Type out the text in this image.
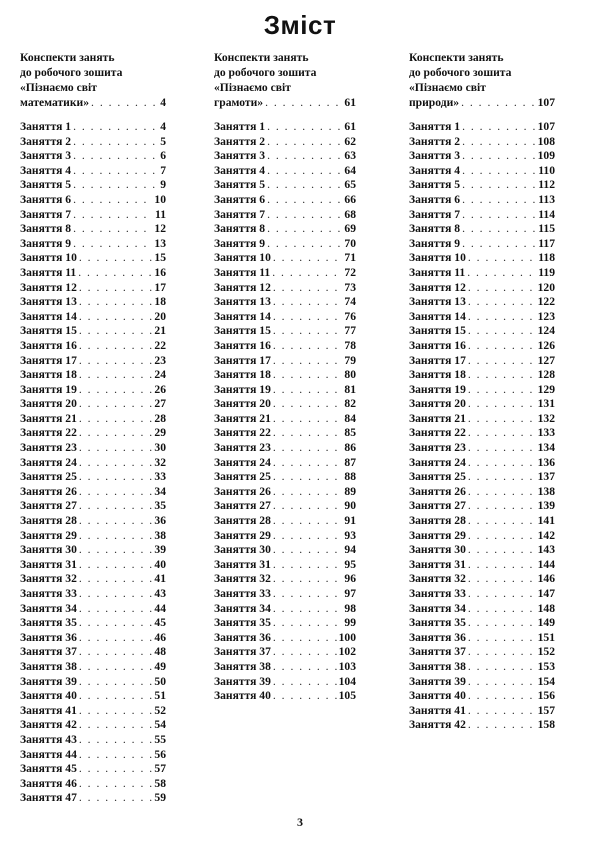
Зміст
Конспекти занять
до робочого зошита
«Пізнаємо світ
математики» . . .	4
Заняття 1 . . .	4
Заняття 2 . . .	5
Заняття 3 . . .	6
Заняття 4 . . .	7
Заняття 5 . . .	9
Заняття 6 . . .	10
Заняття 7 . . .	11
Заняття 8 . . .	12
Заняття 9 . . .	13
Заняття 10 . . .	15
Заняття 11 . . .	16
Заняття 12 . . .	17
Заняття 13 . . .	18
Заняття 14 . . .	20
Заняття 15 . . .	21
Заняття 16 . . .	22
Заняття 17 . . .	23
Заняття 18 . . .	24
Заняття 19 . . .	26
Заняття 20 . . .	27
Заняття 21 . . .	28
Заняття 22 . . .	29
Заняття 23 . . .	30
Заняття 24 . . .	32
Заняття 25 . . .	33
Заняття 26 . . .	34
Заняття 27 . . .	35
Заняття 28 . . .	36
Заняття 29 . . .	38
Заняття 30 . . .	39
Заняття 31 . . .	40
Заняття 32 . . .	41
Заняття 33 . . .	43
Заняття 34 . . .	44
Заняття 35 . . .	45
Заняття 36 . . .	46
Заняття 37 . . .	48
Заняття 38 . . .	49
Заняття 39 . . .	50
Заняття 40 . . .	51
Заняття 41 . . .	52
Заняття 42 . . .	54
Заняття 43 . . .	55
Заняття 44 . . .	56
Заняття 45 . . .	57
Заняття 46 . . .	58
Заняття 47 . . .	59
Конспекти занять
до робочого зошита
«Пізнаємо світ
грамоти» . . .	61
Заняття 1 . . .	61
Заняття 2 . . .	62
Заняття 3 . . .	63
Заняття 4 . . .	64
Заняття 5 . . .	65
Заняття 6 . . .	66
Заняття 7 . . .	68
Заняття 8 . . .	69
Заняття 9 . . .	70
Заняття 10 . . .	71
Заняття 11 . . .	72
Заняття 12 . . .	73
Заняття 13 . . .	74
Заняття 14 . . .	76
Заняття 15 . . .	77
Заняття 16 . . .	78
Заняття 17 . . .	79
Заняття 18 . . .	80
Заняття 19 . . .	81
Заняття 20 . . .	82
Заняття 21 . . .	84
Заняття 22 . . .	85
Заняття 23 . . .	86
Заняття 24 . . .	87
Заняття 25 . . .	88
Заняття 26 . . .	89
Заняття 27 . . .	90
Заняття 28 . . .	91
Заняття 29 . . .	93
Заняття 30 . . .	94
Заняття 31 . . .	95
Заняття 32 . . .	96
Заняття 33 . . .	97
Заняття 34 . . .	98
Заняття 35 . . .	99
Заняття 36 . . .	100
Заняття 37 . . .	102
Заняття 38 . . .	103
Заняття 39 . . .	104
Заняття 40 . . .	105
Конспекти занять
до робочого зошита
«Пізнаємо світ
природи» . . .	107
Заняття 1 . . .	107
Заняття 2 . . .	108
Заняття 3 . . .	109
Заняття 4 . . .	110
Заняття 5 . . .	112
Заняття 6 . . .	113
Заняття 7 . . .	114
Заняття 8 . . .	115
Заняття 9 . . .	117
Заняття 10 . . .	118
Заняття 11 . . .	119
Заняття 12 . . .	120
Заняття 13 . . .	122
Заняття 14 . . .	123
Заняття 15 . . .	124
Заняття 16 . . .	126
Заняття 17 . . .	127
Заняття 18 . . .	128
Заняття 19 . . .	129
Заняття 20 . . .	131
Заняття 21 . . .	132
Заняття 22 . . .	133
Заняття 23 . . .	134
Заняття 24 . . .	136
Заняття 25 . . .	137
Заняття 26 . . .	138
Заняття 27 . . .	139
Заняття 28 . . .	141
Заняття 29 . . .	142
Заняття 30 . . .	143
Заняття 31 . . .	144
Заняття 32 . . .	146
Заняття 33 . . .	147
Заняття 34 . . .	148
Заняття 35 . . .	149
Заняття 36 . . .	151
Заняття 37 . . .	152
Заняття 38 . . .	153
Заняття 39 . . .	154
Заняття 40 . . .	156
Заняття 41 . . .	157
Заняття 42 . . .	158
3
